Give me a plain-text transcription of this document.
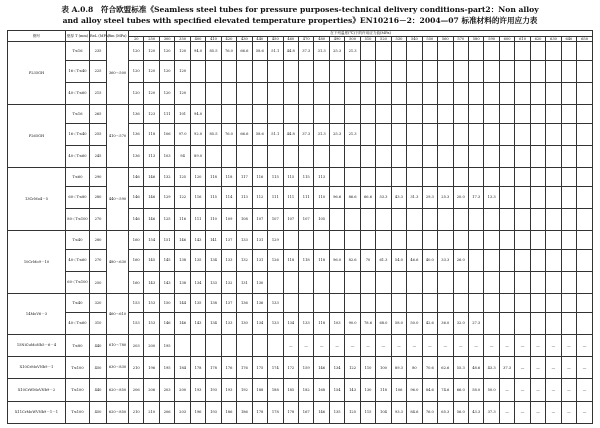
表 A.0.8　符合欧盟标准《Seamless steel tubes for pressure purposes-technical delivery conditions-part2：Non alloy
and alloy steel tubes with specified elevated temperature properties》EN10216－2：2004—07 标准材料的许用应力表
钢号	壁厚 T (mm)	ReL (MPa)	Rm (MPa)	在下列温度(℃)下的许用应力值(MPa)																													
				20	250	300	350	400	410	420	430	440	450	460	470	480	490	500	510	520	530	540	550	560	570	580	590	600	610	620	630	640	650
P235GH	T≤16	235	360～500	120	120	120	120	94.0	85.5	76.0	66.6	58.6	51.1	44.8	37.3	31.3	25.3	21.3															
	16＜T≤40	225		120	120	120	120																										
	40＜T≤60	215		120	120	120	120																										
P265GH	T≤16	265	410～570	136	123	111	101	94.0																									
	16＜T≤40	255		136	118	106	97.0	92.0	85.5	76.0	66.6	58.6	51.1	44.8	37.3	31.3	25.3	21.3															
	40＜T≤60	245		136	113	103	94	89.0																									
13CrMo4－5	T≤60	290	440～590	146	146	132	125	120	118	118	117	116	115	115	115	113																	
	60＜T≤80	280		146	146	129	122	116	115	114	113	112	111	111	111	110	96.6	86.6	66.6	53.3	43.3	31.3	29.3	25.3	20.0	17.3	13.3						
	80＜T≤100	270		146	146	125	116	111	110	109	108	107	107	107	107	105																	
10CrMo9－10	T≤40	280	480～630	160	154	151	146	143	141	137	133	131	129																				
	40＜T≤60	270		160	145	145	138	135	134	133	132	131	126	118	118	118	96.0	82.6	70	61.3	54.0	46.6	40.0	33.3	26.0								
	60＜T≤100	250		160	143	143	138	134	133	132	131	130																					
14MoV6－3	T≤40	320	460～610	153	153	150	144	135	138	137	136	136	133																				
	40＜T≤60	310		153	153	146	146	143	134	133	130	134	133	134	133	118	103	90.0	78.6	68.0	58.0	50.0	42.6	36.0	32.0	27.3							
15NiCuMoNb5－6－4	T≤80	440	610～780	203	200	195								—	—	—	—	—	—	—	—	—	—	—	—	—	—	—	—	—	—	—	—
X10CrMoVNb9－1	T≤100	450	630～830	210	196	195	184	178	178	176	176	175	174	172	159	146	134	122	110	100	89.3	80	70.6	62.6	55.3	48.6	43.3	37.3	—	—	—	—	—
X10CrWMoVNb9－2	T≤100	440	620～850	206	206	203	200	193	193	193	192	188	188	185	182	168	154	143	130	118	106	96.0	84.6	74.6	66.0	58.0	50.0	—	—	—	—	—	—
X11CrMoWVNb9－1－1	T≤100	450	620～850	210	210	206	203	196	193	186	186	178	178	178	167	146	135	125	115	104	93.3	84.6	76.0	65.3	56.0	43.3	37.3	—	—	—	—	—	—
